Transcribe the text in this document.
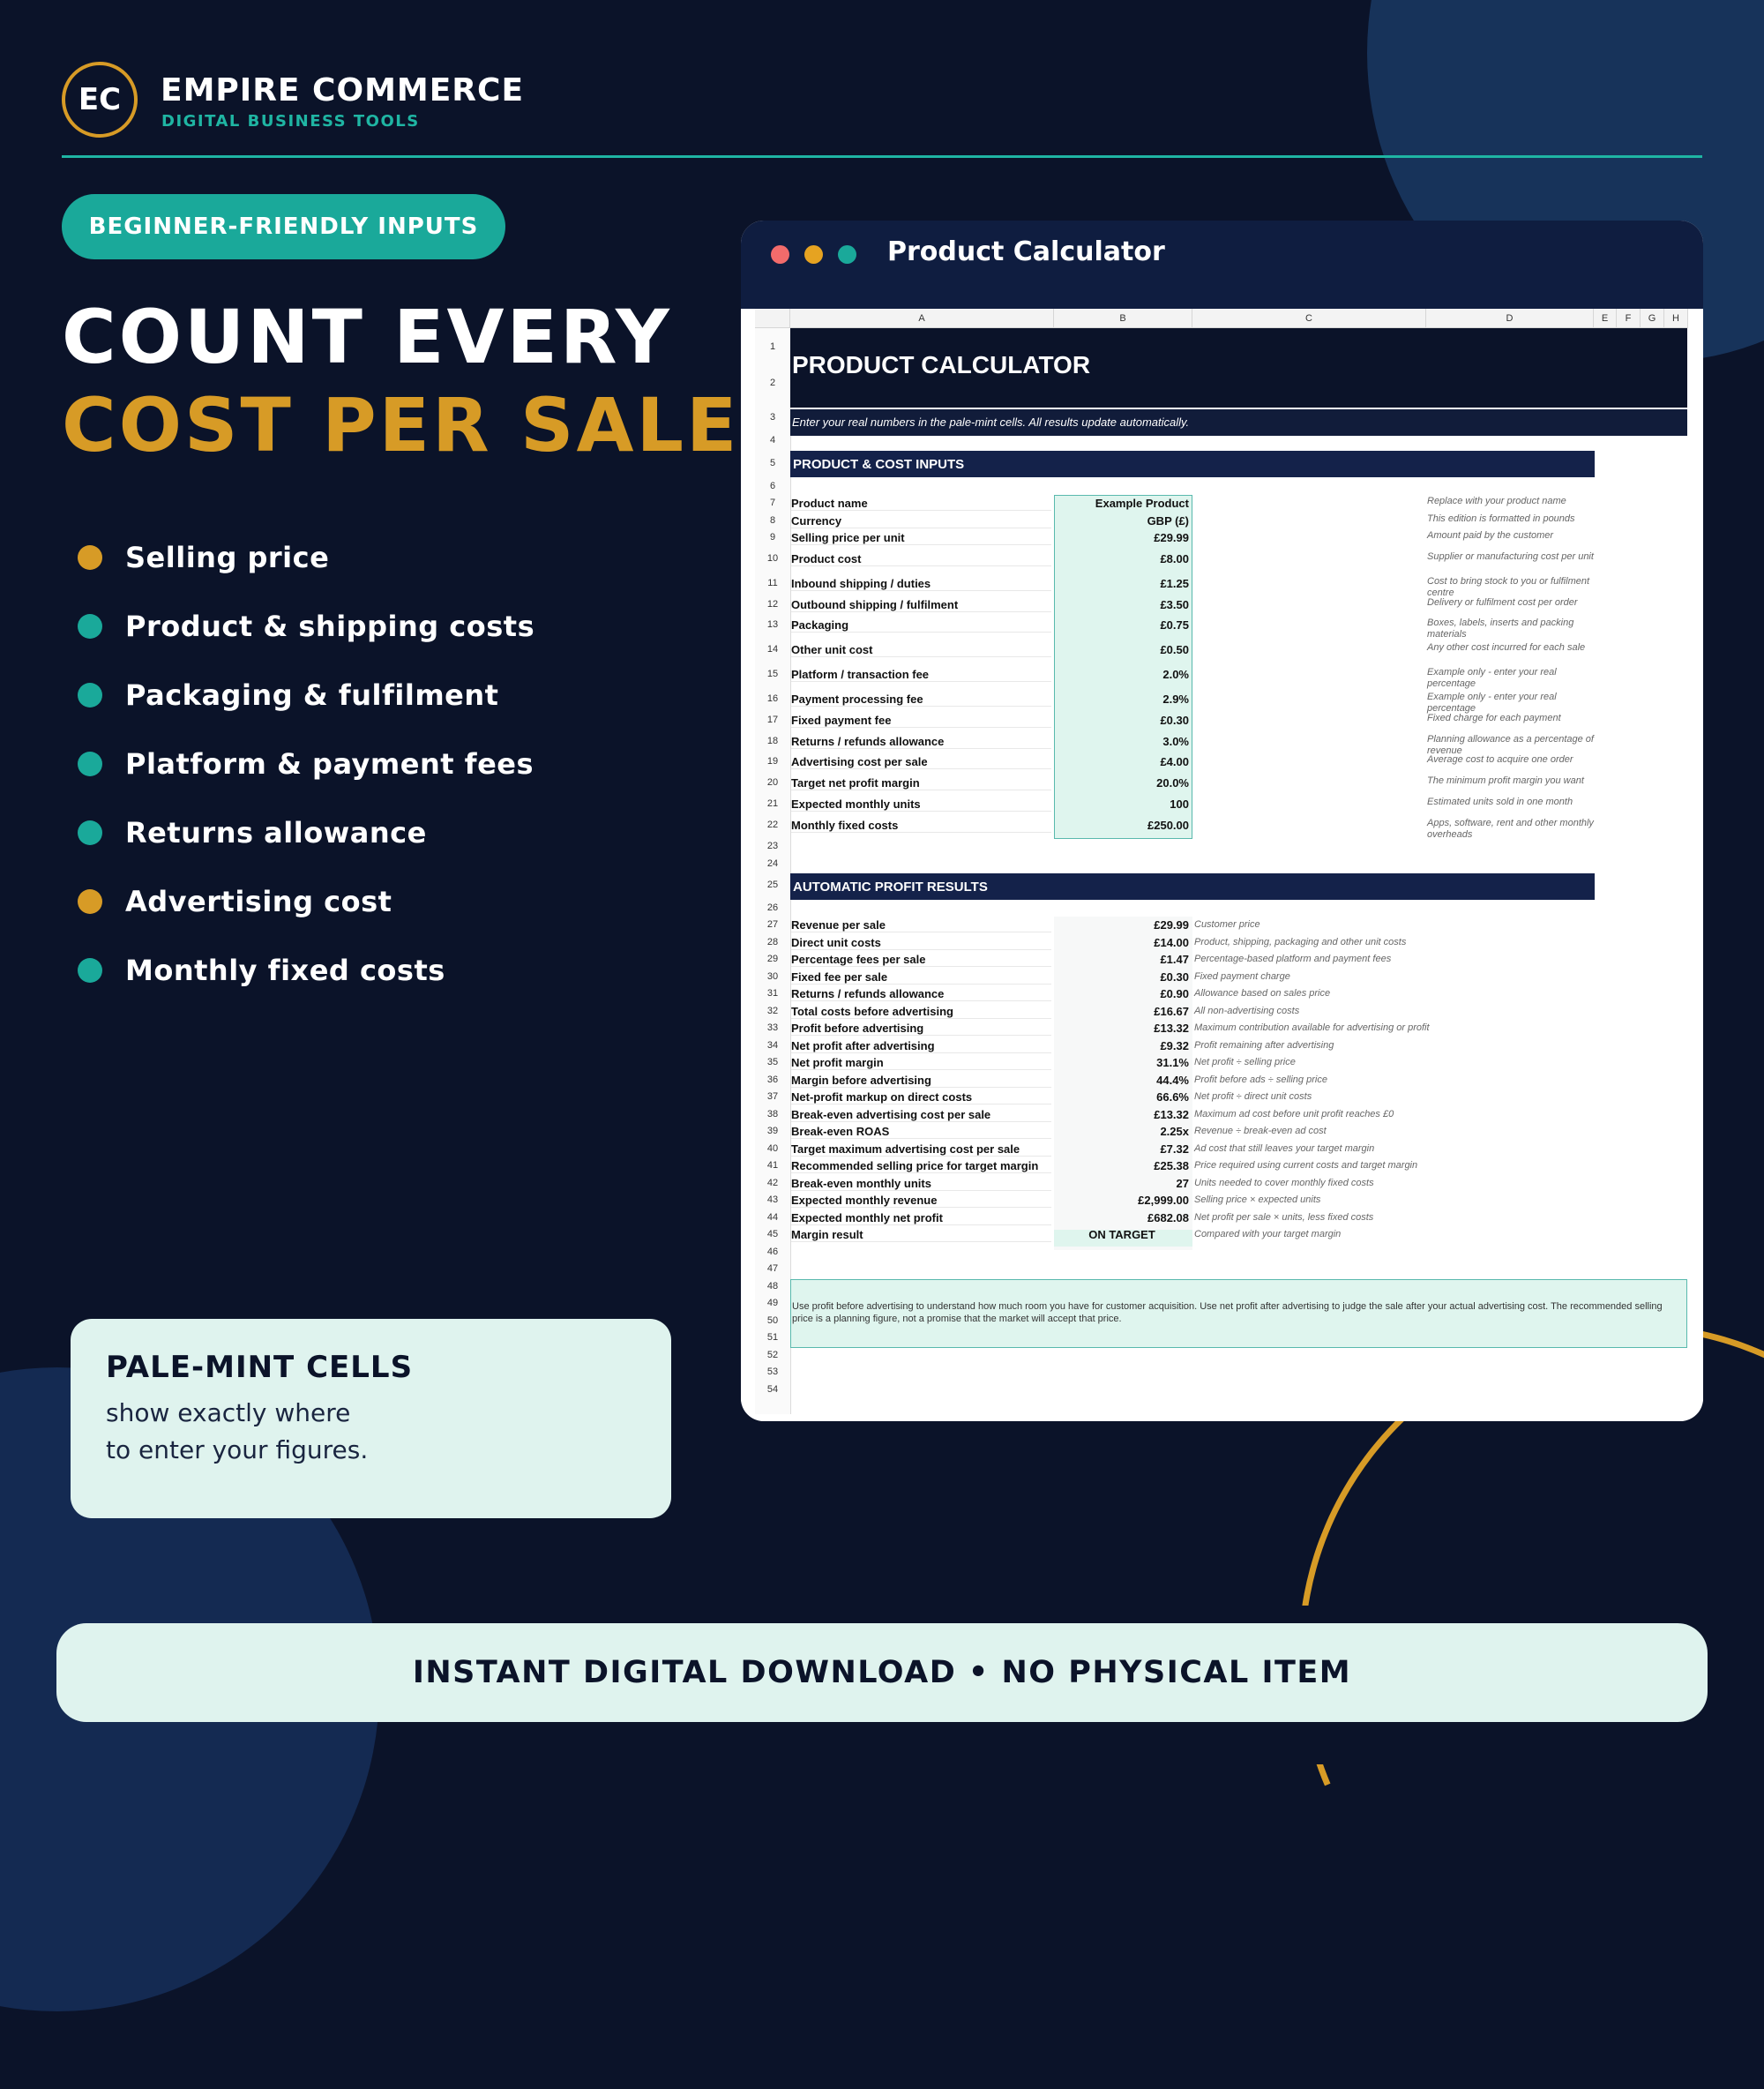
EC EMPIRE COMMERCE
DIGITAL BUSINESS TOOLS
BEGINNER-FRIENDLY INPUTS
COUNT EVERY
COST PER SALE
Selling price
Product & shipping costs
Packaging & fulfilment
Platform & payment fees
Returns allowance
Advertising cost
Monthly fixed costs
PALE-MINT CELLS
show exactly where
to enter your figures.
INSTANT DIGITAL DOWNLOAD • NO PHYSICAL ITEM
Product Calculator
PRODUCT CALCULATOR
Enter your real numbers in the pale-mint cells. All results update automatically.
PRODUCT & COST INPUTS
AUTOMATIC PROFIT RESULTS
Use profit before advertising to understand how much room you have for customer acquisition. Use net profit after advertising to judge the sale after your actual advertising cost. The recommended selling price is a planning figure, not a promise that the market will accept that price.
A	B	C	D	E	F	G	H
1
2
3
4
5
6
7
8
9
10
11
12
13
14
15
16
17
18
19
20
21
22
23
24
25
26
27
28
29
30
31
32
33
34
35
36
37
38
39
40
41
42
43
44
45
46
47
48
49
50
51
52
53
54
Product name	Example Product	Replace with your product name
Currency	GBP (£)	This edition is formatted in pounds
Selling price per unit	£29.99	Amount paid by the customer
Product cost	£8.00	Supplier or manufacturing cost per unit
Inbound shipping / duties	£1.25	Cost to bring stock to you or fulfilment centre
Outbound shipping / fulfilment	£3.50	Delivery or fulfilment cost per order
Packaging	£0.75	Boxes, labels, inserts and packing materials
Other unit cost	£0.50	Any other cost incurred for each sale
Platform / transaction fee	2.0%	Example only - enter your real percentage
Payment processing fee	2.9%	Example only - enter your real percentage
Fixed payment fee	£0.30	Fixed charge for each payment
Returns / refunds allowance	3.0%	Planning allowance as a percentage of revenue
Advertising cost per sale	£4.00	Average cost to acquire one order
Target net profit margin	20.0%	The minimum profit margin you want
Expected monthly units	100	Estimated units sold in one month
Monthly fixed costs	£250.00	Apps, software, rent and other monthly overheads
Revenue per sale	£29.99 Customer price
Direct unit costs	£14.00 Product, shipping, packaging and other unit costs
Percentage fees per sale	£1.47 Percentage-based platform and payment fees
Fixed fee per sale	£0.30 Fixed payment charge
Returns / refunds allowance	£0.90 Allowance based on sales price
Total costs before advertising	£16.67 All non-advertising costs
Profit before advertising	£13.32 Maximum contribution available for advertising or profit
Net profit after advertising	£9.32 Profit remaining after advertising
Net profit margin	31.1% Net profit ÷ selling price
Margin before advertising	44.4% Profit before ads ÷ selling price
Net-profit markup on direct costs	66.6% Net profit ÷ direct unit costs
Break-even advertising cost per sale	£13.32 Maximum ad cost before unit profit reaches £0
Break-even ROAS	2.25x Revenue ÷ break-even ad cost
Target maximum advertising cost per sale	£7.32 Ad cost that still leaves your target margin
Recommended selling price for target margin	£25.38 Price required using current costs and target margin
Break-even monthly units	27 Units needed to cover monthly fixed costs
Expected monthly revenue	£2,999.00 Selling price × expected units
Expected monthly net profit	£682.08 Net profit per sale × units, less fixed costs
Margin result	ON TARGET	Compared with your target margin
